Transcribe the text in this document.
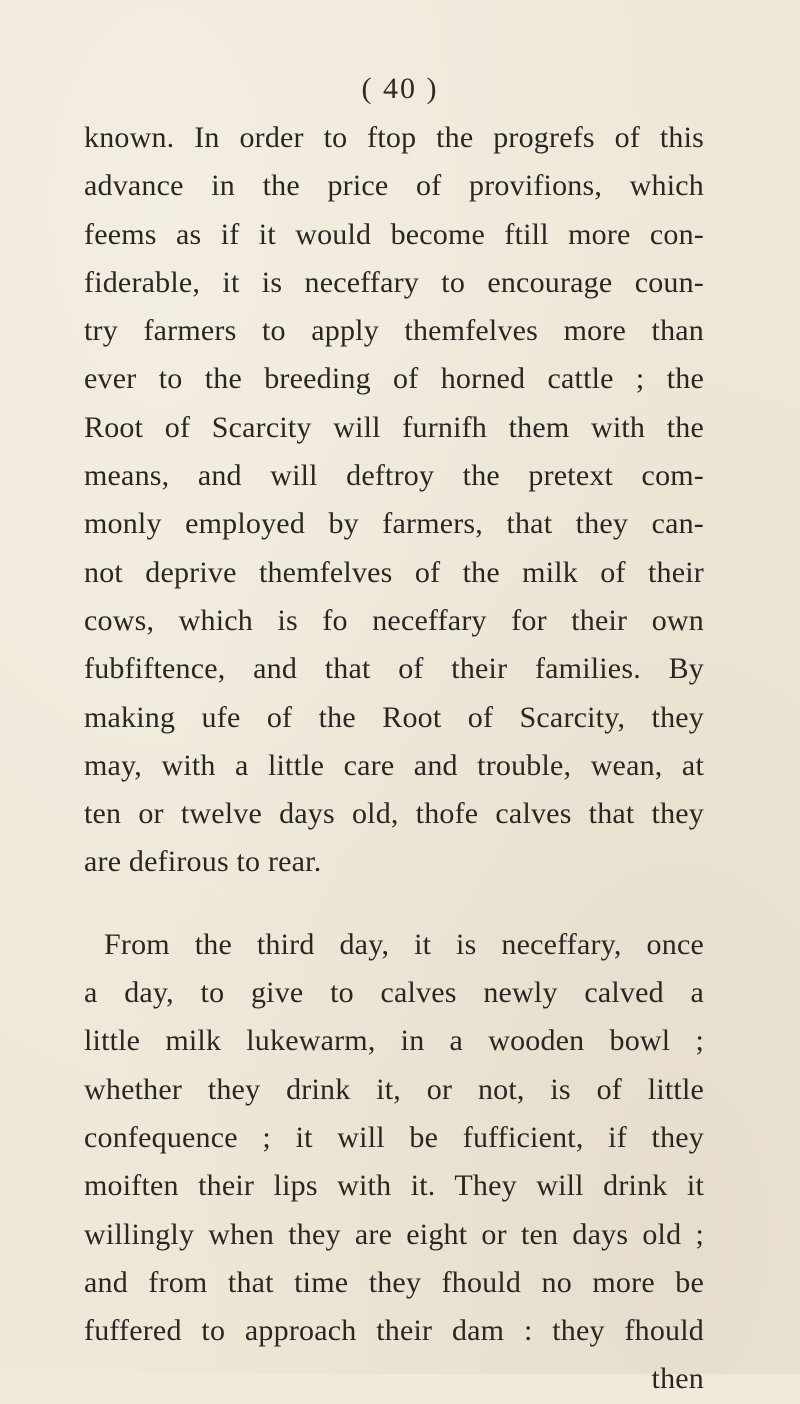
( 40 )
known. In order to ftop the progrefs of this
advance in the price of provifions, which
feems as if it would become ftill more con-
fiderable, it is neceffary to encourage coun-
try farmers to apply themfelves more than
ever to the breeding of horned cattle ; the
Root of Scarcity will furnifh them with the
means, and will deftroy the pretext com-
monly employed by farmers, that they can-
not deprive themfelves of the milk of their
cows, which is fo neceffary for their own
fubfiftence, and that of their families. By
making ufe of the Root of Scarcity, they
may, with a little care and trouble, wean, at
ten or twelve days old, thofe calves that they
are defirous to rear.
From the third day, it is neceffary, once
a day, to give to calves newly calved a
little milk lukewarm, in a wooden bowl ;
whether they drink it, or not, is of little
confequence ; it will be fufficient, if they
moiften their lips with it. They will drink it
willingly when they are eight or ten days old ;
and from that time they fhould no more be
fuffered to approach their dam : they fhould
then
